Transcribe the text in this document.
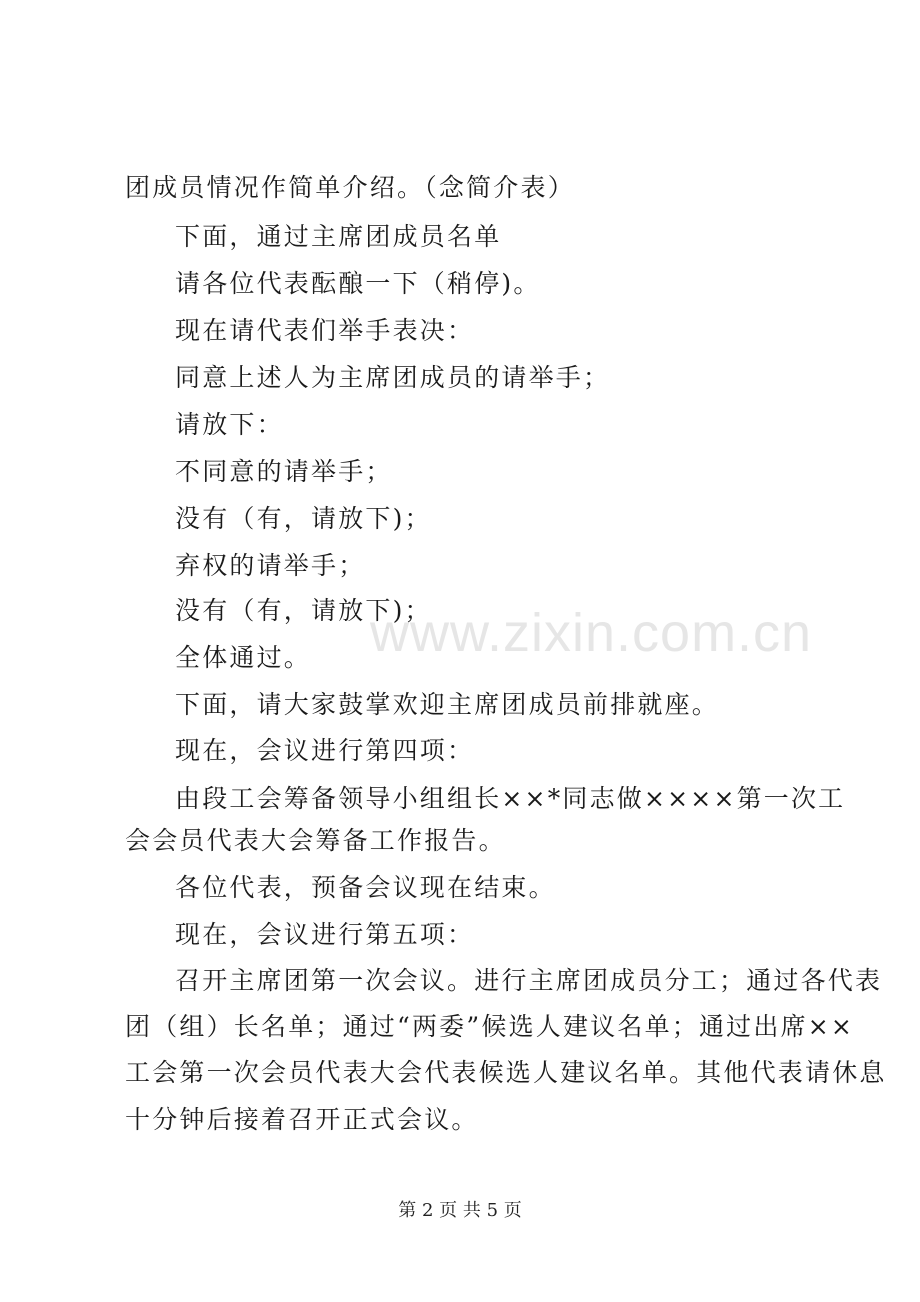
团成员情况作简单介绍。（念简介表）
下面，通过主席团成员名单
请各位代表酝酿一下（稍停)。
现在请代表们举手表决：
同意上述人为主席团成员的请举手；
请放下：
不同意的请举手；
没有（有，请放下)；
弃权的请举手；
www.zixin.com.cn
没有（有，请放下)；
全体通过。
下面，请大家鼓掌欢迎主席团成员前排就座。
现在，会议进行第四项：
由段工会筹备领导小组组长××*同志做××××第一次工
会会员代表大会筹备工作报告。
各位代表，预备会议现在结束。
现在，会议进行第五项：
召开主席团第一次会议。进行主席团成员分工；通过各代表
团（组）长名单；通过“两委”候选人建议名单；通过出席××
工会第一次会员代表大会代表候选人建议名单。其他代表请休息
十分钟后接着召开正式会议。
第 2 页 共 5 页
